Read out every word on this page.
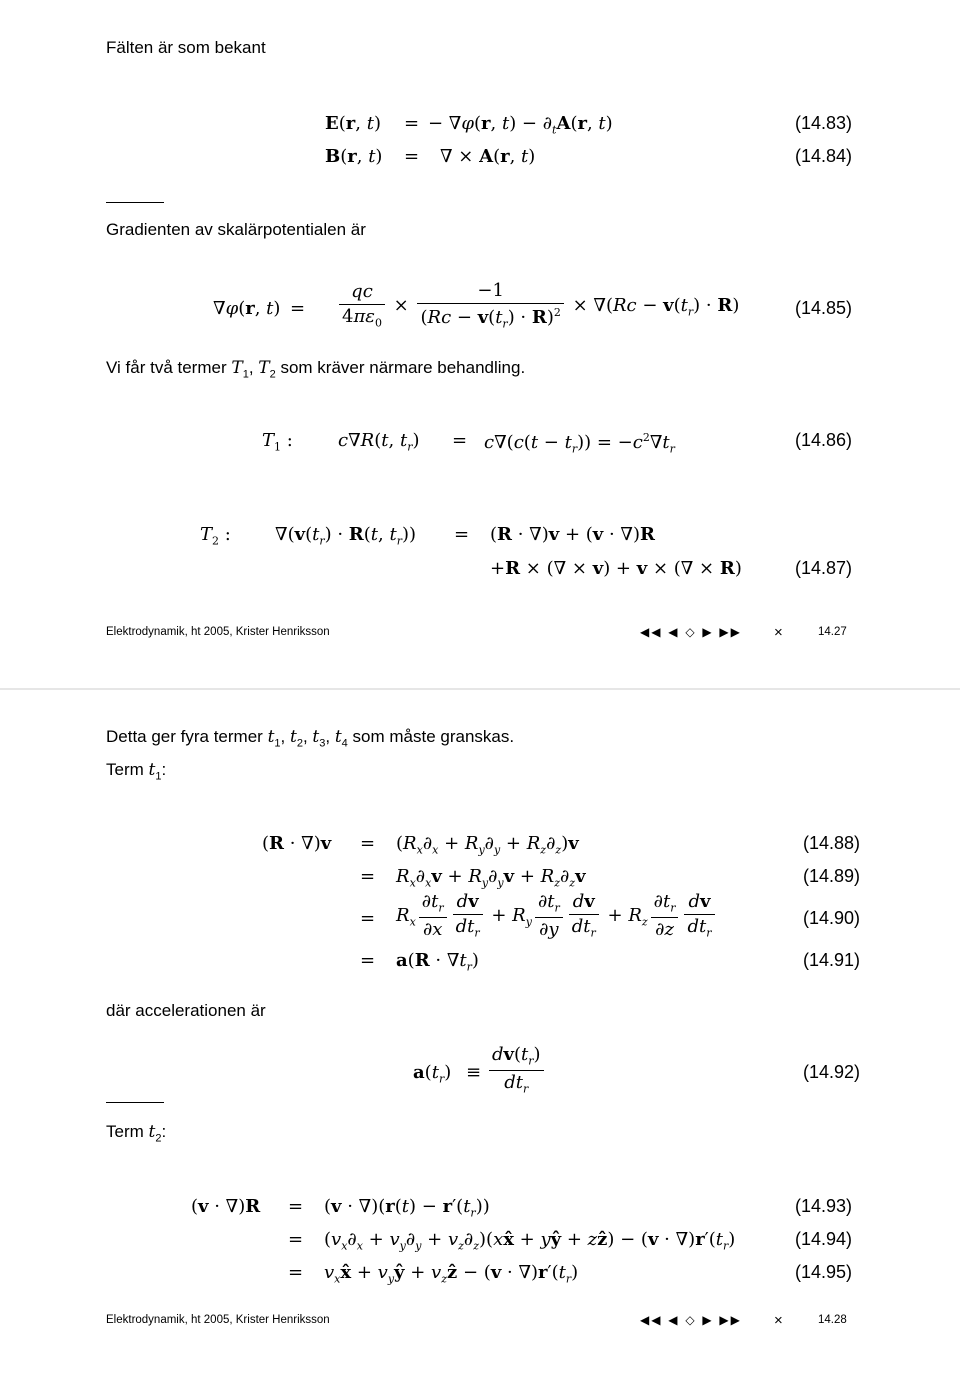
Fälten är som bekant
E(r, t) = − ∇φ(r, $t) - \partial_tA(r$, t)	(14.83)
B(r, t) = ∇ × A(r, t)	(14.84)
Gradienten av skalärpotentialen är
∇φ(r, $t) = \frac{qc}{4\pi\varepsilon_0} \times \frac{-1}{(Rc - v(t_r) \cdot R)^2} \times \nabla(Rc - v(t_r) \cdot R)$	(14.85)
Vi får två termer $T_1$, $T_2$ som kräver närmare behandling.
$T_1$ :	c∇R(t, $t_r) = c\nabla(c(t - t_r)) = -c^2\nabla t_r$	(14.86)
$T_2$ : $\nabla(v(t_r) \cdot R(t$, $t_r)) = (R \cdot \nabla)v + (v \cdot \nabla)R$
+R × (∇ × v) + v × (∇ × R)	(14.87)
Elektrodynamik, ht 2005, Krister Henriksson	◀◀ ◀ ◇ ▶ ▶▶ ×	14.27
Detta ger fyra termer $t_1$, $t_2$, $t_3$, $t_4$ som måste granskas.
Term $t_1$:
$(R \cdot \nabla)v = (R_x\partial_x + R_y\partial_y + R_z\partial_z)v$	(14.88)
= $R_x\partial_xv + R_y\partial_yv + R_z\partial_zv$	(14.89)
= $R_x \frac{\partial t_r}{\partial x} \frac{dv}{dt_r} + R_y \frac{\partial t_r}{\partial y} \frac{dv}{dt_r} + R_z \frac{\partial t_r}{\partial z} \frac{dv}{dt_r}$	(14.90)
= $a(R \cdot \nabla t_r)$	(14.91)
där accelerationen är
$a(t_r) \equiv \frac{dv(t_r)}{dt_r}$	(14.92)
Term $t_2$:
$(v \cdot \nabla)R = (v \cdot \nabla)(r(t) - r'(t_r))$	(14.93)
= ($v_x\partial_x + v_y\partial_y$ + $v_z\partial_z)(xx̂$ + yŷ + zẑ) − $(v \cdot \nabla)r'(t_r)$	(14.94)
= $v_xx̂$ + $v_yŷ$ + $v_zẑ - (v \cdot \nabla)r'(t_r)$	(14.95)
Elektrodynamik, ht 2005, Krister Henriksson	◀◀ ◀ ◇ ▶ ▶▶ ×	14.28
